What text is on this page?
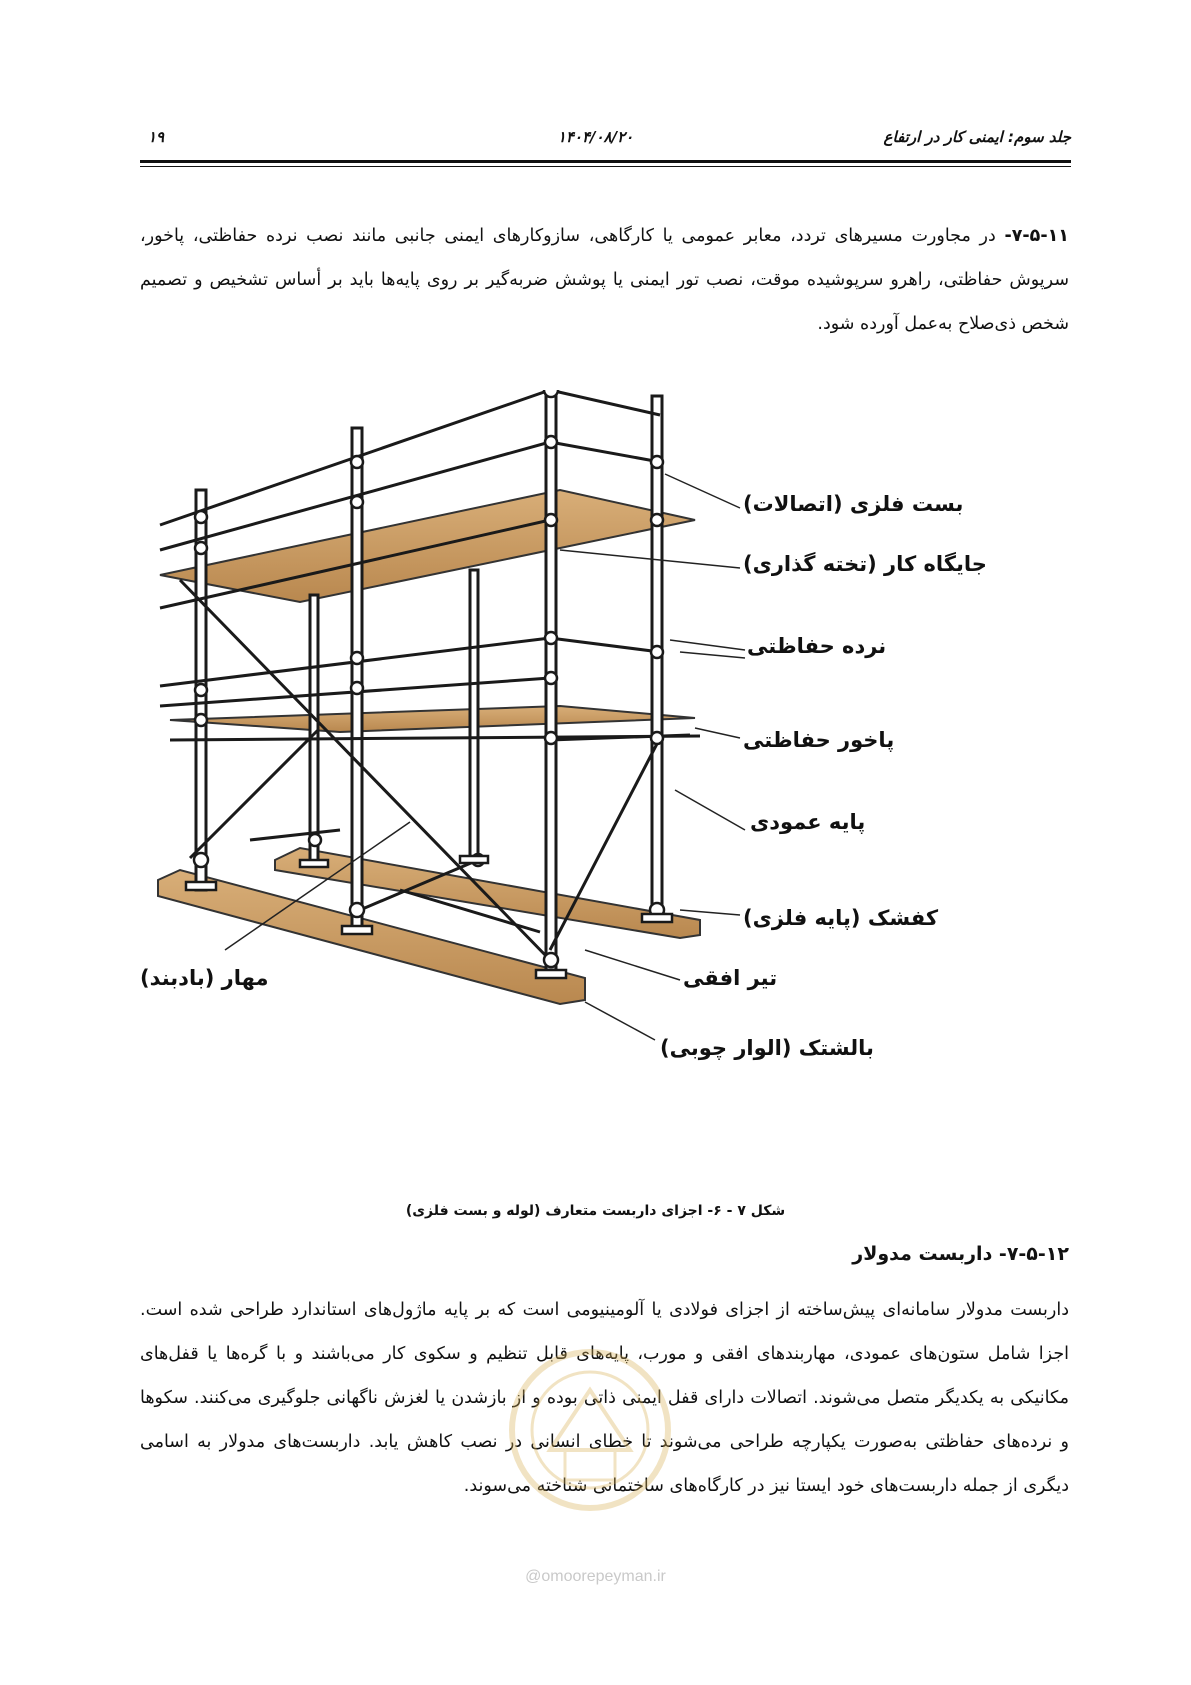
جلد سوم: ایمنی کار در ارتفاع
۱۴۰۴/۰۸/۲۰
۱۹
۷-۵-۱۱- در مجاورت مسیرهای تردد، معابر عمومی یا کارگاهی، سازوکارهای ایمنی جانبی مانند نصب نرده حفاظتی، پاخور، سرپوش حفاظتی، راهرو سرپوشیده موقت، نصب تور ایمنی یا پوشش ضربه‌گیر بر روی پایه‌ها باید بر أساس تشخیص و تصمیم شخص ذی‌صلاح به‌عمل آورده شود.
بست فلزی (اتصالات)
جایگاه کار (تخته گذاری)
نرده حفاظتی
پاخور حفاظتی
پایه عمودی
کفشک (پایه فلزی)
تیر افقی
مهار (بادبند)
بالشتک (الوار چوبی)
شکل ۷ - ۶- اجزای داربست متعارف (لوله و بست فلزی)
۷-۵-۱۲- داربست مدولار
داربست مدولار سامانه‌ای پیش‌ساخته از اجزای فولادی یا آلومینیومی است که بر پایه ماژول‌های استاندارد طراحی شده است. اجزا شامل ستون‌های عمودی، مهاربندهای افقی و مورب، پایه‌های قابل تنظیم و سکوی کار می‌باشند و با گره‌ها یا قفل‌های مکانیکی به یکدیگر متصل می‌شوند. اتصالات دارای قفل ایمنی ذاتی بوده و از بازشدن یا لغزش ناگهانی جلوگیری می‌کنند. سکوها و نرده‌های حفاظتی به‌صورت یکپارچه طراحی می‌شوند تا خطای انسانی در نصب کاهش یابد. داربست‌های مدولار به اسامی دیگری از جمله داربست‌های خود ایستا نیز در کارگاه‌های ساختمانی شناخته می‌سوند.
@omoorepeyman.ir
